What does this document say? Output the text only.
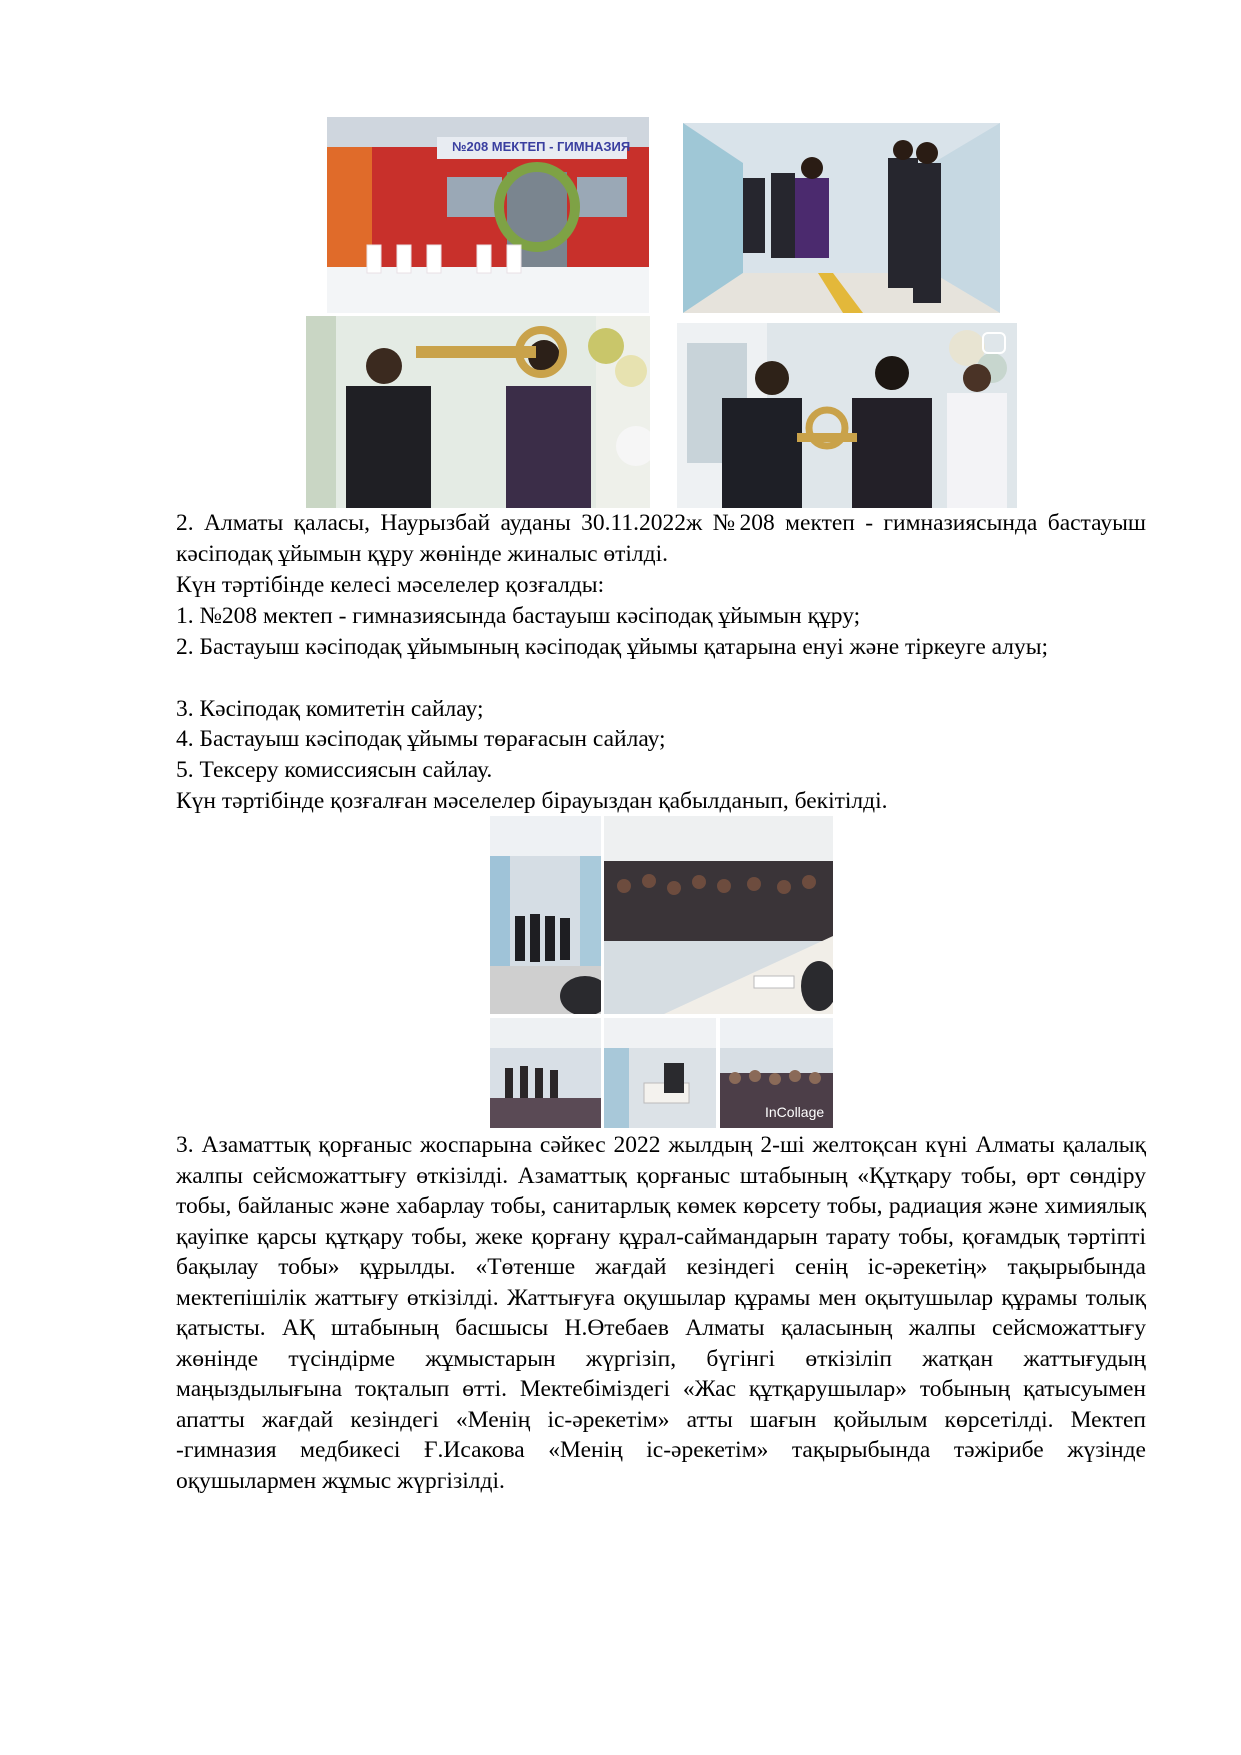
№208 МЕКТЕП - ГИМНАЗИЯ
2. Алматы қаласы, Наурызбай ауданы 30.11.2022ж №208 мектеп - гимназиясында бастауыш кәсіподақ ұйымын құру жөнінде жиналыс өтілді.
Күн тәртібінде келесі мәселелер қозғалды:
1. №208 мектеп - гимназиясында бастауыш кәсіподақ ұйымын құру;
2. Бастауыш кәсіподақ ұйымының кәсіподақ ұйымы қатарына енуі және тіркеуге алуы;
3. Кәсіподақ комитетін сайлау;
4. Бастауыш кәсіподақ ұйымы төрағасын сайлау;
5. Тексеру комиссиясын сайлау.
Күн тәртібінде қозғалған мәселелер бірауыздан қабылданып, бекітілді.
InCollage
3. Азаматтық қорғаныс жоспарына сәйкес 2022 жылдың 2-ші желтоқсан күні Алматы қалалық жалпы сейсможаттығу өткізілді. Азаматтық қорғаныс штабының «Құтқару тобы, өрт сөндіру тобы, байланыс және хабарлау тобы, санитарлық көмек көрсету тобы, радиация және химиялық қауіпке қарсы құтқару тобы, жеке қорғану құрал-саймандарын тарату тобы, қоғамдық тәртіпті бақылау тобы» құрылды. «Төтенше жағдай кезіндегі сенің іс-әрекетің» тақырыбында мектепішілік жаттығу өткізілді. Жаттығуға оқушылар құрамы мен оқытушылар құрамы толық қатысты. АҚ штабының басшысы Н.Өтебаев Алматы қаласының жалпы сейсможаттығу жөнінде түсіндірме жұмыстарын жүргізіп, бүгінгі өткізіліп жатқан жаттығудың маңыздылығына тоқталып өтті. Мектебіміздегі «Жас құтқарушылар» тобының қатысуымен апатты жағдай кезіндегі «Менің іс-әрекетім» атты шағын қойылым көрсетілді. Мектеп -гимназия медбикесі Ғ.Исакова «Менің іс-әрекетім» тақырыбында тәжірибе жүзінде оқушылармен жұмыс жүргізілді.
